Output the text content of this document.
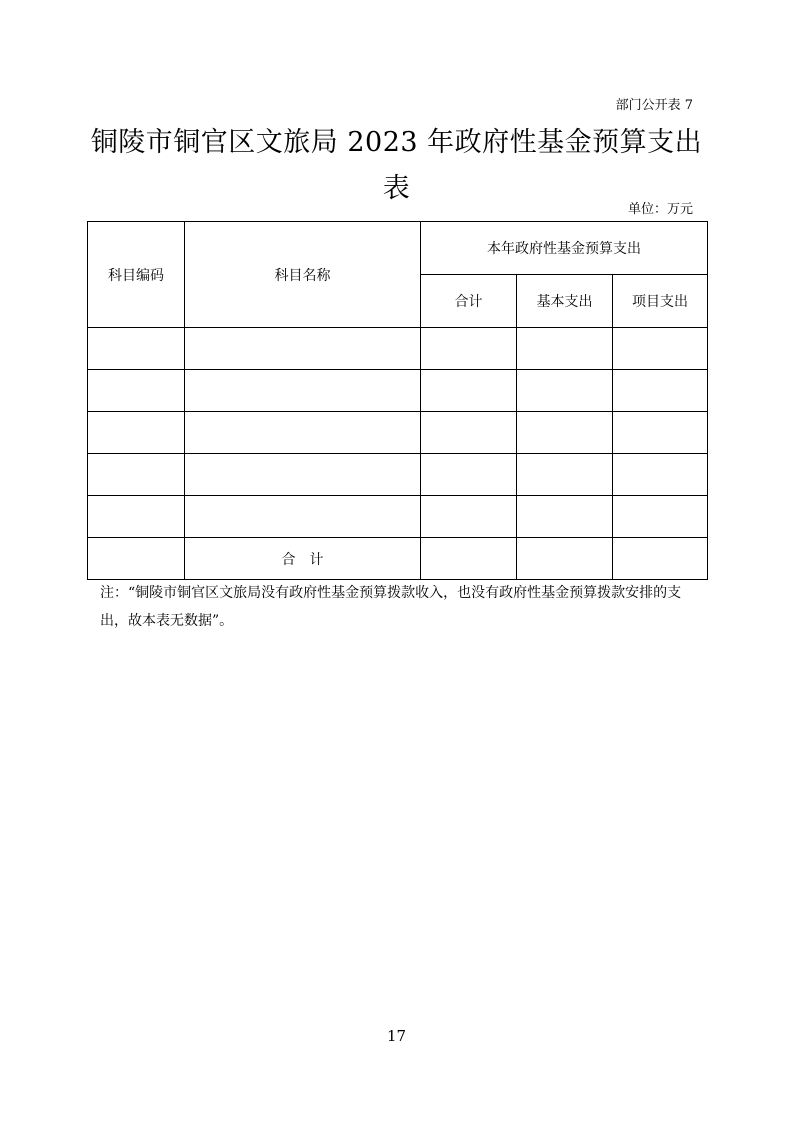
部门公开表 7
铜陵市铜官区文旅局 2023 年政府性基金预算支出
表
单位：万元
科目编码	科目名称	本年政府性基金预算支出		
		合计	基本支出	项目支出

	合计			
注：“铜陵市铜官区文旅局没有政府性基金预算拨款收入，也没有政府性基金预算拨款安排的支出，故本表无数据”。
17
